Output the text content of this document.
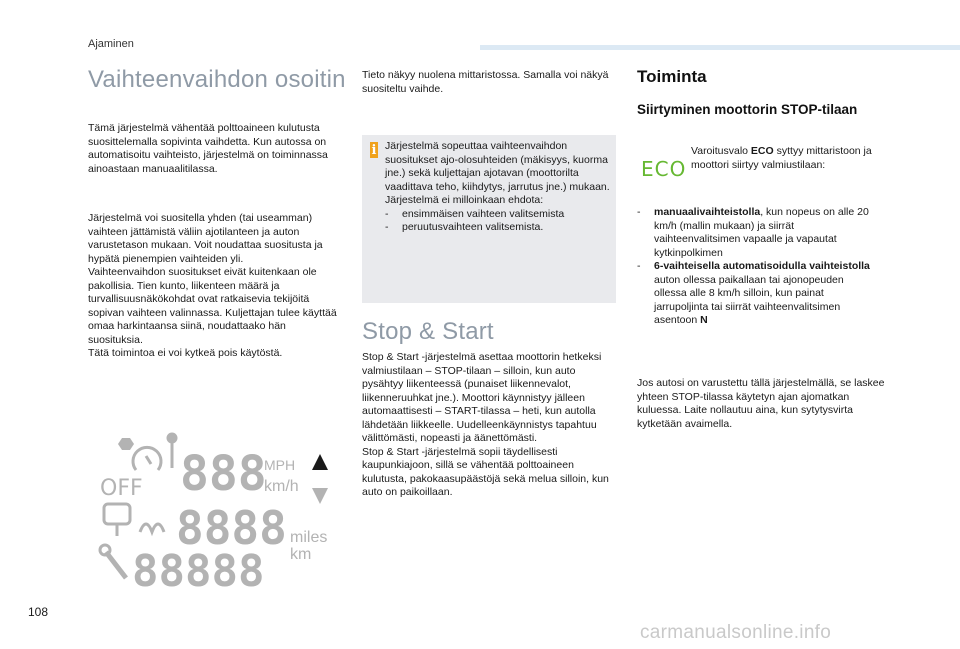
Ajaminen
Vaihteenvaihdon osoitin

Tämä järjestelmä vähentää polttoaineen kulutusta suosittelemalla sopivinta vaihdetta. Kun autossa on automatisoitu vaihteisto, järjestelmä on toiminnassa ainoastaan manuaalitilassa.

Järjestelmä voi suositella yhden (tai useamman) vaihteen jättämistä väliin ajotilanteen ja auton varustetason mukaan. Voit noudattaa suositusta ja hypätä pienempien vaihteiden yli.

Vaihteenvaihdon suositukset eivät kuitenkaan ole pakollisia. Tien kunto, liikenteen määrä ja turvallisuusnäkökohdat ovat ratkaisevia tekijöitä sopivan vaihteen valinnassa. Kuljettajan tulee käyttää omaa harkintaansa siinä, noudattaako hän suosituksia.

Tätä toimintoa ei voi kytkeä pois käytöstä.

OFF 888
MPH
km/h
8888 miles
km
88888

Tieto näkyy nuolena mittaristossa. Samalla voi näkyä suositeltu vaihde.

i Järjestelmä sopeuttaa vaihteenvaihdon suositukset ajo-olosuhteiden (mäkisyys, kuorma jne.) sekä kuljettajan ajotavan (moottorilta vaadittava teho, kiihdytys, jarrutus jne.) mukaan.

Järjestelmä ei milloinkaan ehdota:

- ensimmäisen vaihteen valitsemista
- peruutusvaihteen valitsemista.
Stop & Start

Stop & Start -järjestelmä asettaa moottorin hetkeksi valmiustilaan – STOP-tilaan – silloin, kun auto pysähtyy liikenteessä (punaiset liikennevalot, liikenneruuhkat jne.). Moottori käynnistyy jälleen automaattisesti – START-tilassa – heti, kun autolla lähdetään liikkeelle. Uudelleenkäynnistys tapahtuu välittömästi, nopeasti ja äänettömästi.

Stop & Start -järjestelmä sopii täydellisesti kaupunkiajoon, sillä se vähentää polttoaineen kulutusta, pakokaasupäästöjä sekä melua silloin, kun auto on paikoillaan.

Toiminta
Siirtyminen moottorin STOP-tilaan
ECO
Varoitusvalo ECO syttyy mittaristoon ja moottori siirtyy valmiustilaan:
- manuaalivaihteistolla, kun nopeus on alle 20 km/h (mallin mukaan) ja siirrät vaihteenvalitsimen vapaalle ja vapautat kytkinpolkimen
- 6-vaihteisella automatisoidulla vaihteistolla auton ollessa paikallaan tai ajonopeuden ollessa alle 8 km/h silloin, kun painat jarrupoljinta tai siirrät vaihteenvalitsimen asentoon N

Jos autosi on varustettu tällä järjestelmällä, se laskee yhteen STOP-tilassa käytetyn ajan ajomatkan kuluessa. Laite nollautuu aina, kun sytytysvirta kytketään avaimella.

108
carmanualsonline.info
